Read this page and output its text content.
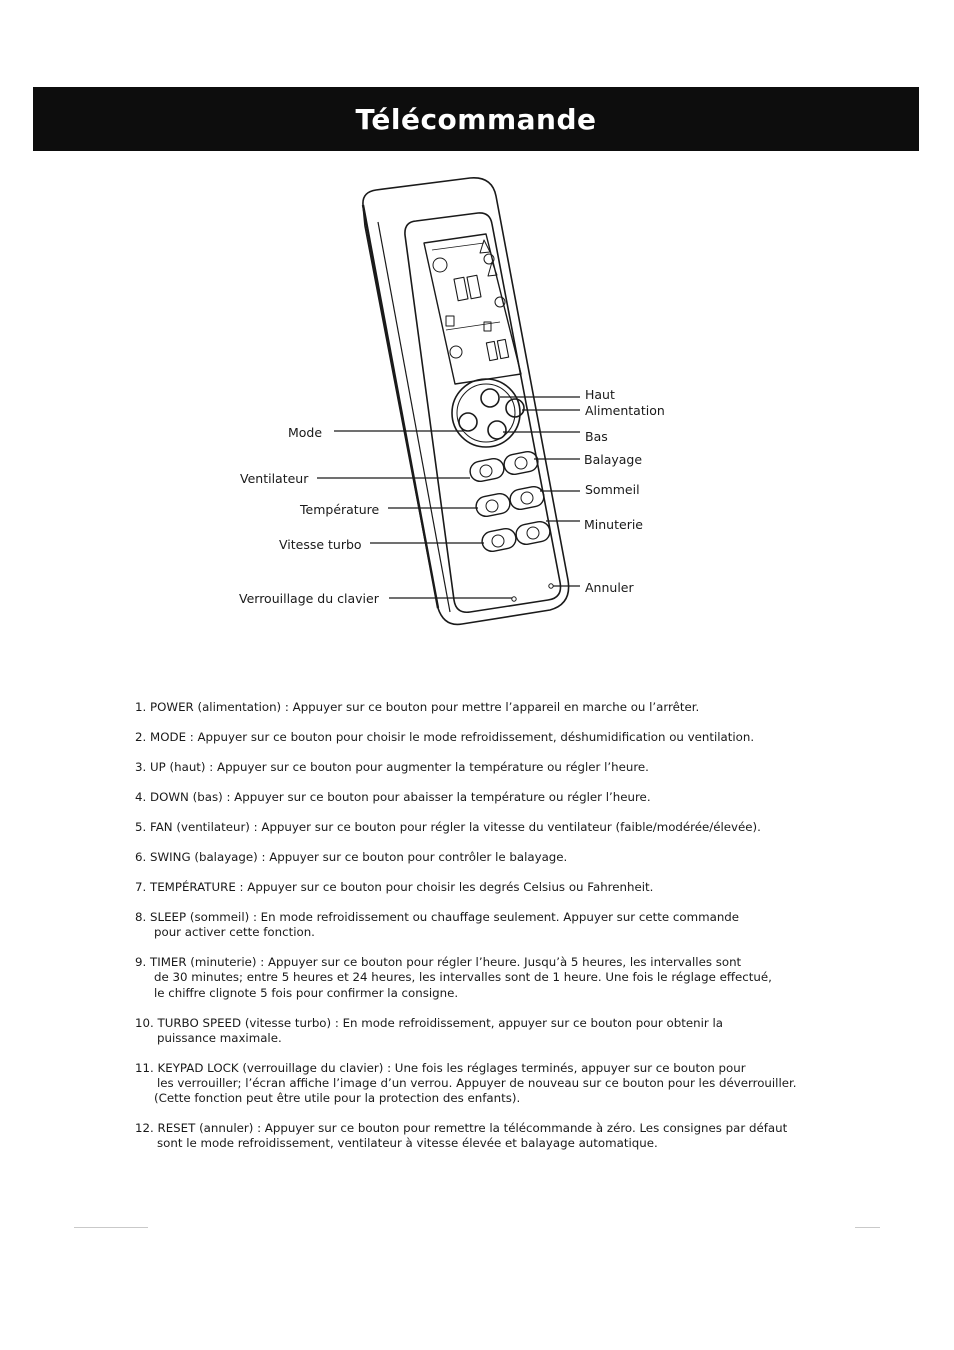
Télécommande
Haut
Alimentation
Bas
Balayage
Sommeil
Minuterie
Annuler
Mode
Ventilateur
Température
Vitesse turbo
Verrouillage du clavier
1. POWER (alimentation) : Appuyer sur ce bouton pour mettre l’appareil en marche ou l’arrêter.
2. MODE : Appuyer sur ce bouton pour choisir le mode refroidissement, déshumidification ou ventilation.
3. UP (haut) : Appuyer sur ce bouton pour augmenter la température ou régler l’heure.
4. DOWN (bas) : Appuyer sur ce bouton pour abaisser la température ou régler l’heure.
5. FAN (ventilateur) : Appuyer sur ce bouton pour régler la vitesse du ventilateur (faible/modérée/élevée).
6. SWING (balayage) : Appuyer sur ce bouton pour contrôler le balayage.
7. TEMPÉRATURE : Appuyer sur ce bouton pour choisir les degrés Celsius ou Fahrenheit.
8. SLEEP (sommeil) : En mode refroidissement ou chauffage seulement. Appuyer sur cette commande
pour activer cette fonction.
9. TIMER (minuterie) : Appuyer sur ce bouton pour régler l’heure. Jusqu’à 5 heures, les intervalles sont
de 30 minutes; entre 5 heures et 24 heures, les intervalles sont de 1 heure. Une fois le réglage effectué,
le chiffre clignote 5 fois pour confirmer la consigne.
10. TURBO SPEED (vitesse turbo) : En mode refroidissement, appuyer sur ce bouton pour obtenir la
puissance maximale.
11. KEYPAD LOCK (verrouillage du clavier) : Une fois les réglages terminés, appuyer sur ce bouton pour
les verrouiller; l’écran affiche l’image d’un verrou. Appuyer de nouveau sur ce bouton pour les déverrouiller.
(Cette fonction peut être utile pour la protection des enfants).
12. RESET (annuler) : Appuyer sur ce bouton pour remettre la télécommande à zéro. Les consignes par défaut
sont le mode refroidissement, ventilateur à vitesse élevée et balayage automatique.
